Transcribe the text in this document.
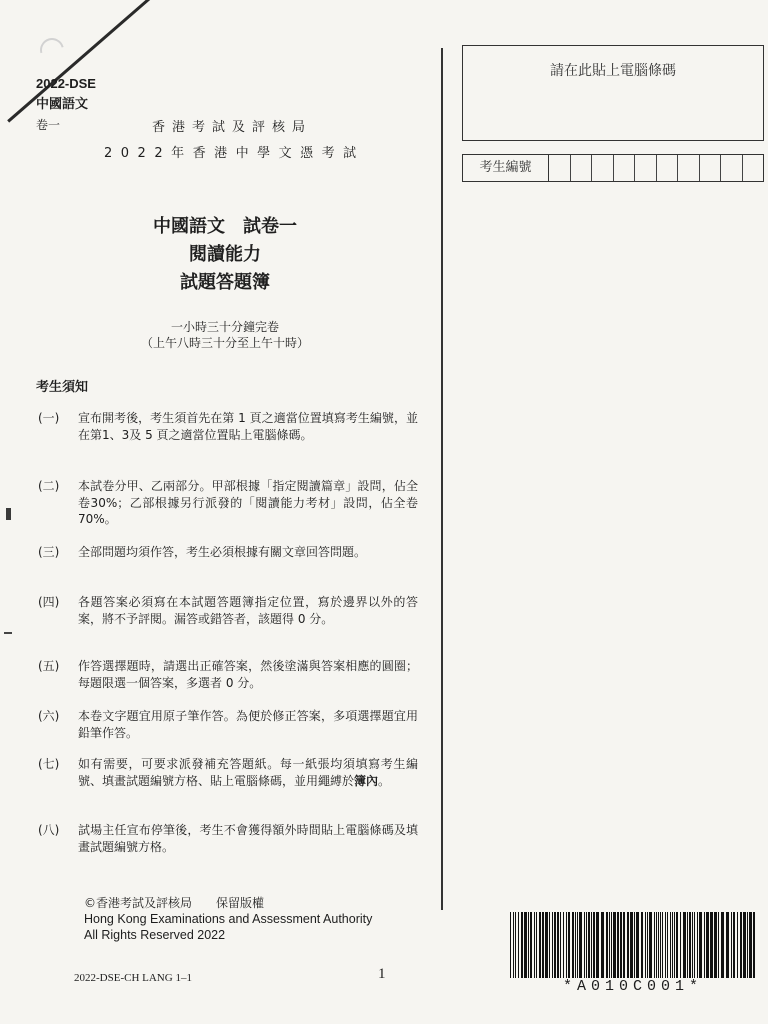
2022-DSE
中國語文
卷一	香港考試及評核局
2022年香港中學文憑考試
中國語文　試卷一
閱讀能力
試題答題簿
一小時三十分鐘完卷
（上午八時三十分至上午十時）
考生須知
(一)	宣布開考後，考生須首先在第 1 頁之適當位置填寫考生編號，並在第1、3及 5 頁之適當位置貼上電腦條碼。
(二)	本試卷分甲、乙兩部分。甲部根據「指定閱讀篇章」設問，佔全卷30%；乙部根據另行派發的「閱讀能力考材」設問，佔全卷70%。
(三)	全部問題均須作答，考生必須根據有關文章回答問題。
(四)	各題答案必須寫在本試題答題簿指定位置，寫於邊界以外的答案，將不予評閱。漏答或錯答者，該題得 0 分。
(五)	作答選擇題時，請選出正確答案，然後塗滿與答案相應的圓圈；每題限選一個答案，多選者 0 分。
(六)	本卷文字題宜用原子筆作答。為便於修正答案，多項選擇題宜用鉛筆作答。
(七)	如有需要，可要求派發補充答題紙。每一紙張均須填寫考生編號、填畫試題編號方格、貼上電腦條碼，並用繩縛於簿內。
(八)	試場主任宣布停筆後，考生不會獲得額外時間貼上電腦條碼及填畫試題編號方格。
請在此貼上電腦條碼
考生編號
©香港考試及評核局　　保留版權
Hong Kong Examinations and Assessment Authority
All Rights Reserved 2022
2022-DSE-CH LANG 1–1	1
*A010C001*
